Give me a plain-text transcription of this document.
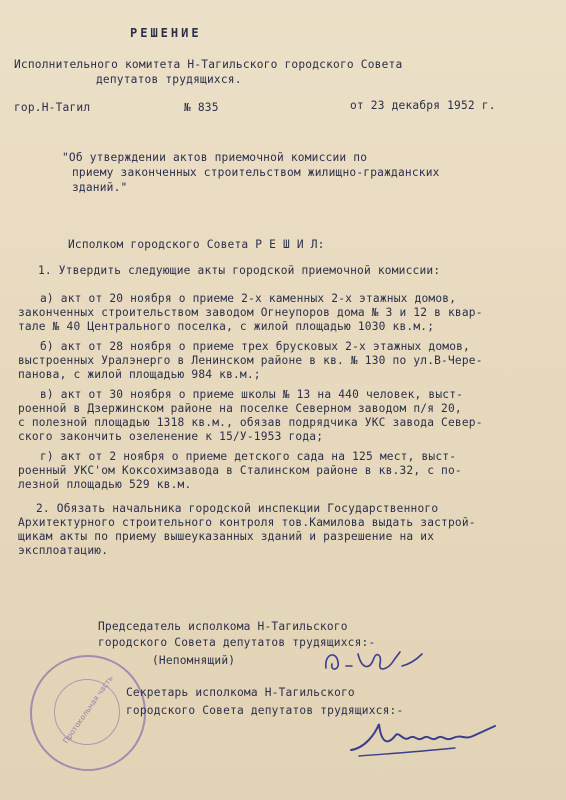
РЕШЕНИЕ
Исполнительного комитета Н-Тагильского городского Совета
депутатов трудящихся.
гор.Н-Тагил	№ 835	от 23 декабря 1952 г.
"Об утверждении актов приемочной комиссии по
приему законченных строительством жилищно-гражданских
зданий."
Исполком городского Совета Р Е Ш И Л:
1. Утвердить следующие акты городской приемочной комиссии:
а) акт от 20 ноября о приеме 2-х каменных 2-х этажных домов,
законченных строительством заводом Огнеупоров дома № 3 и 12 в квар-
тале № 40 Центрального поселка, с жилой площадью 1030 кв.м.;
б) акт от 28 ноября о приеме трех брусковых 2-х этажных домов,
выстроенных Уралэнерго в Ленинском районе в кв. № 130 по ул.В-Чере-
панова, с жилой площадью 984 кв.м.;
в) акт от 30 ноября о приеме школы № 13 на 440 человек, выст-
роенной в Дзержинском районе на поселке Северном заводом п/я 20,
с полезной площадью 1318 кв.м., обязав подрядчика УКС завода Север-
ского закончить озеленение к 15/У-1953 года;
г) акт от 2 ноября о приеме детского сада на 125 мест, выст-
роенный УКС'ом Коксохимзавода в Сталинском районе в кв.32, с по-
лезной площадью 529 кв.м.
2. Обязать начальника городской инспекции Государственного
Архитектурного строительного контроля тов.Камилова выдать застрой-
щикам акты по приему вышеуказанных зданий и разрешение на их
эксплоатацию.
Председатель исполкома Н-Тагильского
городского Совета депутатов трудящихся:-
(Непомнящий)
Протокольная часть Секретарь исполкома Н-Тагильского
городского Совета депутатов трудящихся:-
